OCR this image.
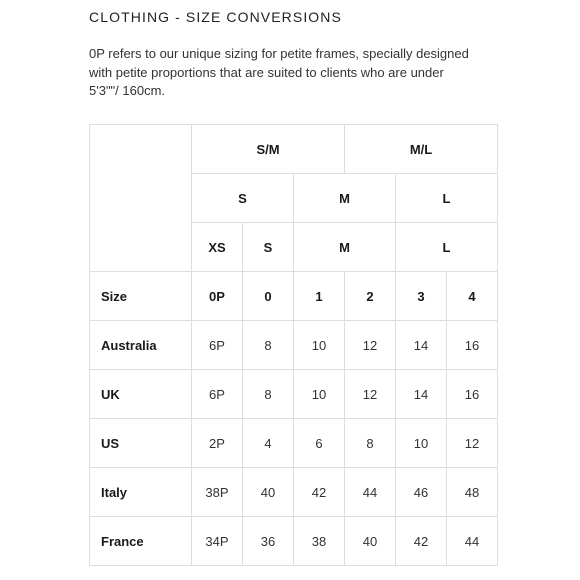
CLOTHING - SIZE CONVERSIONS
0P refers to our unique sizing for petite frames, specially designed with petite proportions that are suited to clients who are under 5'3""/ 160cm.
	S/M			M/L		
	S		M		L	
	XS	S	M		L	
Size	0P	0	1	2	3	4
Australia	6P	8	10	12	14	16
UK	6P	8	10	12	14	16
US	2P	4	6	8	10	12
Italy	38P	40	42	44	46	48
France	34P	36	38	40	42	44
